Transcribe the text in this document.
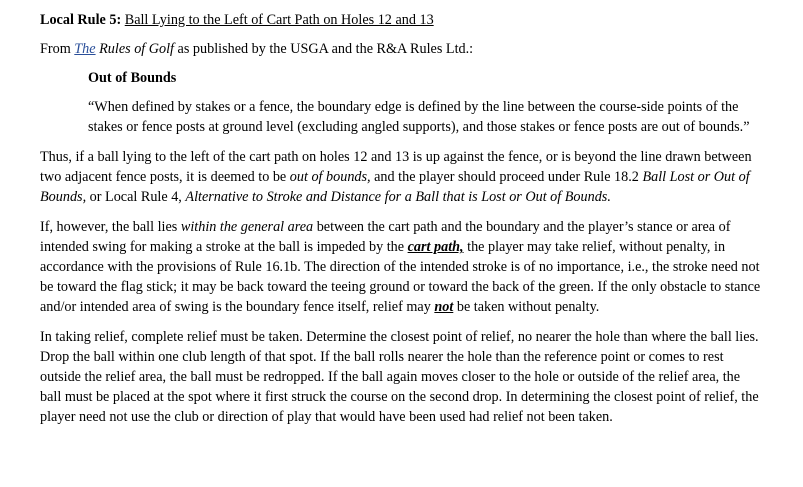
Local Rule 5: Ball Lying to the Left of Cart Path on Holes 12 and 13

From The Rules of Golf as published by the USGA and the R&A Rules Ltd.:

Out of Bounds

“When defined by stakes or a fence, the boundary edge is defined by the line between the course-side points of the stakes or fence posts at ground level (excluding angled supports), and those stakes or fence posts are out of bounds.”

Thus, if a ball lying to the left of the cart path on holes 12 and 13 is up against the fence, or is beyond the line drawn between two adjacent fence posts, it is deemed to be out of bounds, and the player should proceed under Rule 18.2 Ball Lost or Out of Bounds, or Local Rule 4, Alternative to Stroke and Distance for a Ball that is Lost or Out of Bounds.

If, however, the ball lies within the general area between the cart path and the boundary and the player’s stance or area of intended swing for making a stroke at the ball is impeded by the cart path, the player may take relief, without penalty, in accordance with the provisions of Rule 16.1b. The direction of the intended stroke is of no importance, i.e., the stroke need not be toward the flag stick; it may be back toward the teeing ground or toward the back of the green. If the only obstacle to stance and/or intended area of swing is the boundary fence itself, relief may not be taken without penalty.

In taking relief, complete relief must be taken. Determine the closest point of relief, no nearer the hole than where the ball lies. Drop the ball within one club length of that spot. If the ball rolls nearer the hole than the reference point or comes to rest outside the relief area, the ball must be redropped. If the ball again moves closer to the hole or outside of the relief area, the ball must be placed at the spot where it first struck the course on the second drop. In determining the closest point of relief, the player need not use the club or direction of play that would have been used had relief not been taken.
